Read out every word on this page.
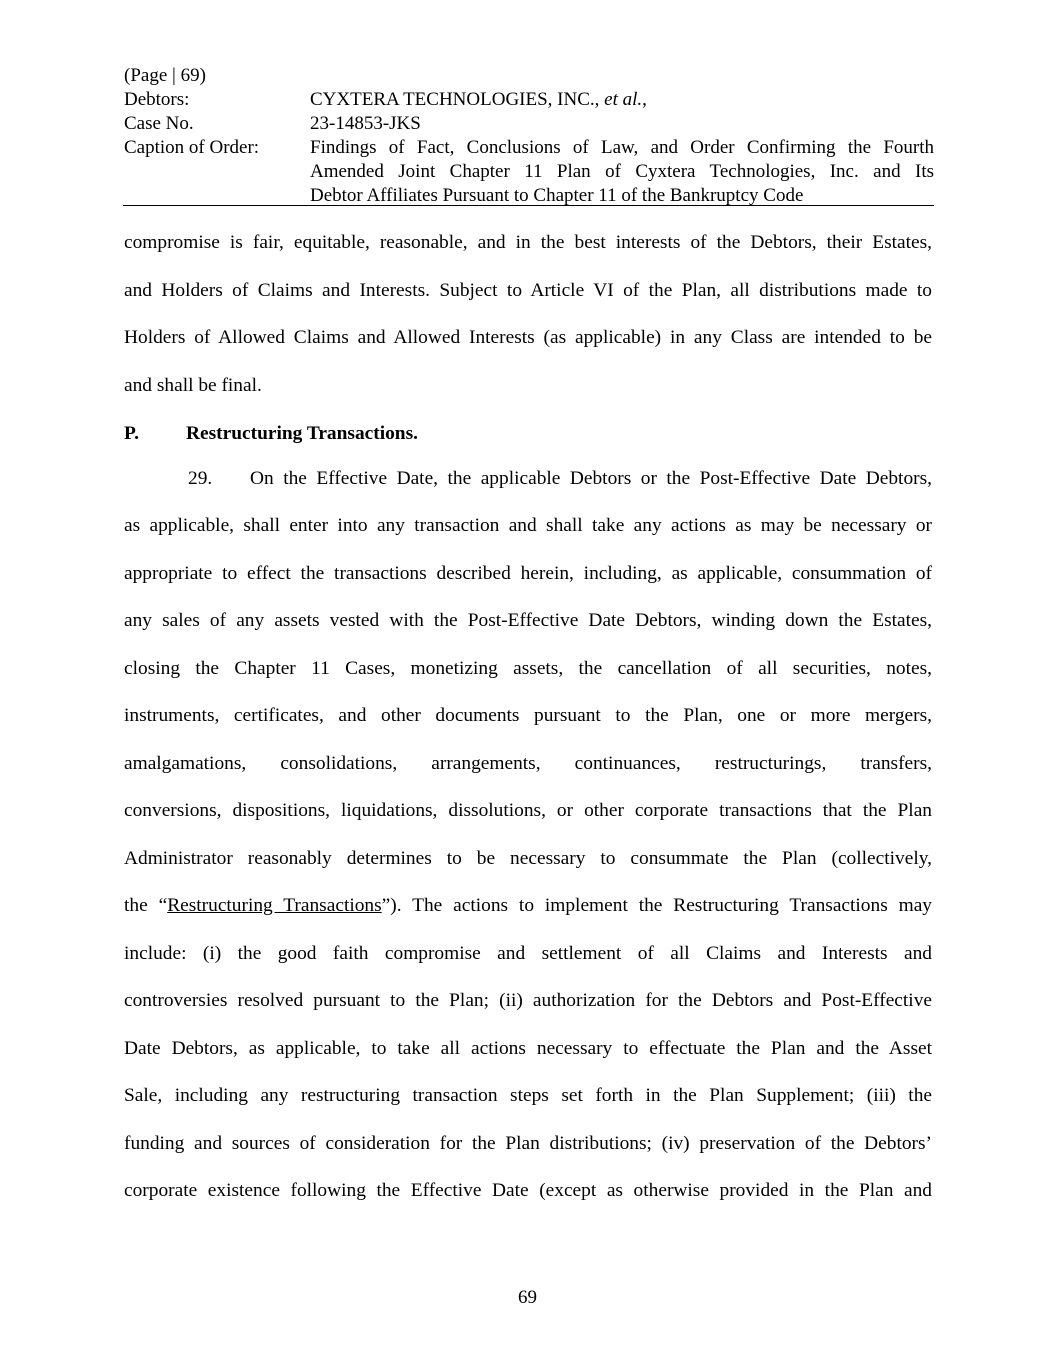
(Page | 69)
Debtors:	CYXTERA TECHNOLOGIES, INC., et al.,
Case No.	23-14853-JKS
Caption of Order:	Findings of Fact, Conclusions of Law, and Order Confirming the Fourth
Amended Joint Chapter 11 Plan of Cyxtera Technologies, Inc. and Its
Debtor Affiliates Pursuant to Chapter 11 of the Bankruptcy Code
compromise is fair, equitable, reasonable, and in the best interests of the Debtors, their Estates,
and Holders of Claims and Interests. Subject to Article VI of the Plan, all distributions made to
Holders of Allowed Claims and Allowed Interests (as applicable) in any Class are intended to be
and shall be final.
P. Restructuring Transactions.
29. On the Effective Date, the applicable Debtors or the Post-Effective Date Debtors,
as applicable, shall enter into any transaction and shall take any actions as may be necessary or
appropriate to effect the transactions described herein, including, as applicable, consummation of
any sales of any assets vested with the Post-Effective Date Debtors, winding down the Estates,
closing the Chapter 11 Cases, monetizing assets, the cancellation of all securities, notes,
instruments, certificates, and other documents pursuant to the Plan, one or more mergers,
amalgamations, consolidations, arrangements, continuances, restructurings, transfers,
conversions, dispositions, liquidations, dissolutions, or other corporate transactions that the Plan
Administrator reasonably determines to be necessary to consummate the Plan (collectively,
the “Restructuring Transactions”). The actions to implement the Restructuring Transactions may
include: (i) the good faith compromise and settlement of all Claims and Interests and
controversies resolved pursuant to the Plan; (ii) authorization for the Debtors and Post-Effective
Date Debtors, as applicable, to take all actions necessary to effectuate the Plan and the Asset
Sale, including any restructuring transaction steps set forth in the Plan Supplement; (iii) the
funding and sources of consideration for the Plan distributions; (iv) preservation of the Debtors’
corporate existence following the Effective Date (except as otherwise provided in the Plan and
69
